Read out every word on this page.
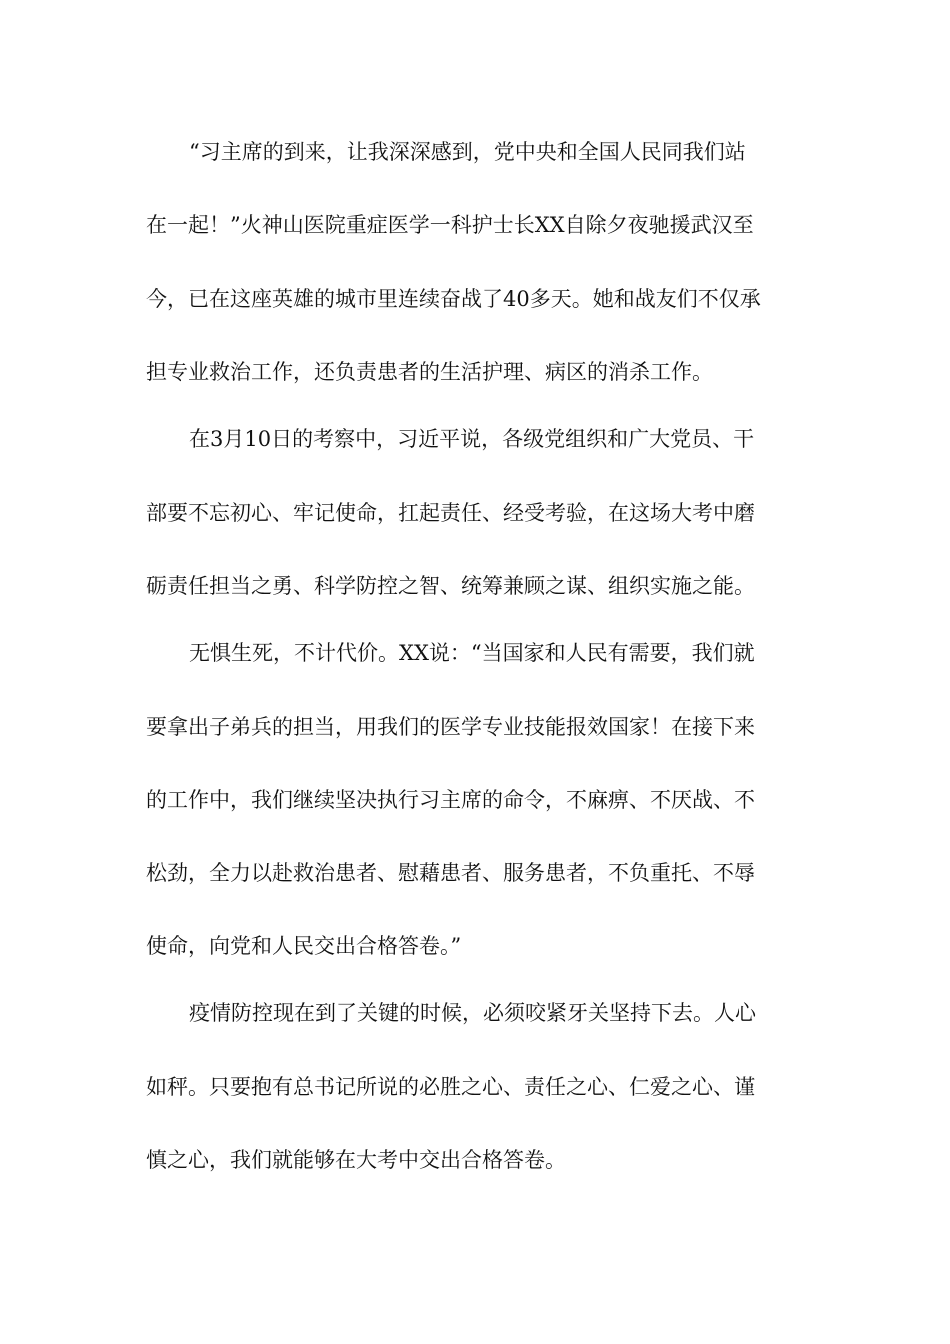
“习主席的到来，让我深深感到，党中央和全国人民同我们站
在一起！”火神山医院重症医学一科护士长XX自除夕夜驰援武汉至
今，已在这座英雄的城市里连续奋战了40多天。她和战友们不仅承
担专业救治工作，还负责患者的生活护理、病区的消杀工作。
在3月10日的考察中，习近平说，各级党组织和广大党员、干
部要不忘初心、牢记使命，扛起责任、经受考验，在这场大考中磨
砺责任担当之勇、科学防控之智、统筹兼顾之谋、组织实施之能。
无惧生死，不计代价。XX说：“当国家和人民有需要，我们就
要拿出子弟兵的担当，用我们的医学专业技能报效国家！在接下来
的工作中，我们继续坚决执行习主席的命令，不麻痹、不厌战、不
松劲，全力以赴救治患者、慰藉患者、服务患者，不负重托、不辱
使命，向党和人民交出合格答卷。”
疫情防控现在到了关键的时候，必须咬紧牙关坚持下去。人心
如秤。只要抱有总书记所说的必胜之心、责任之心、仁爱之心、谨
慎之心，我们就能够在大考中交出合格答卷。
